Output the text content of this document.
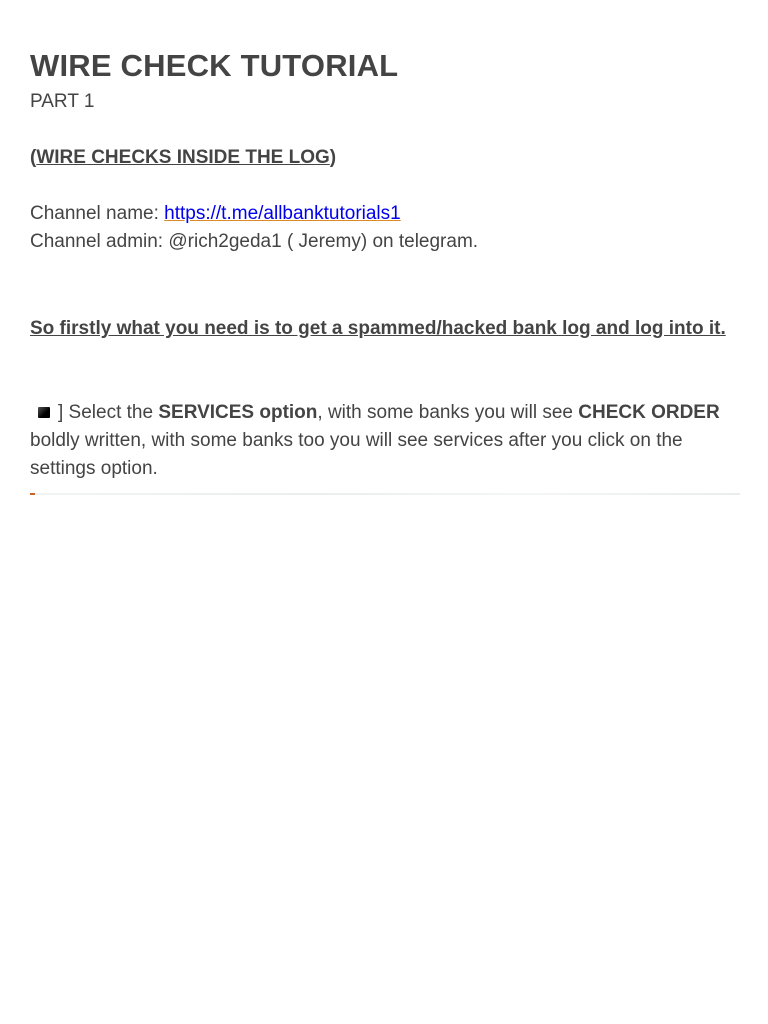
WIRE CHECK TUTORIAL
PART 1
(WIRE CHECKS INSIDE THE LOG)
Channel name: https://t.me/allbanktutorials1
Channel admin: @rich2geda1 ( Jeremy) on telegram.
So firstly what you need is to get a spammed/hacked bank log and log into it.
] Select the SERVICES option, with some banks you will see CHECK ORDER boldly written, with some banks too you will see services after you click on the settings option.
